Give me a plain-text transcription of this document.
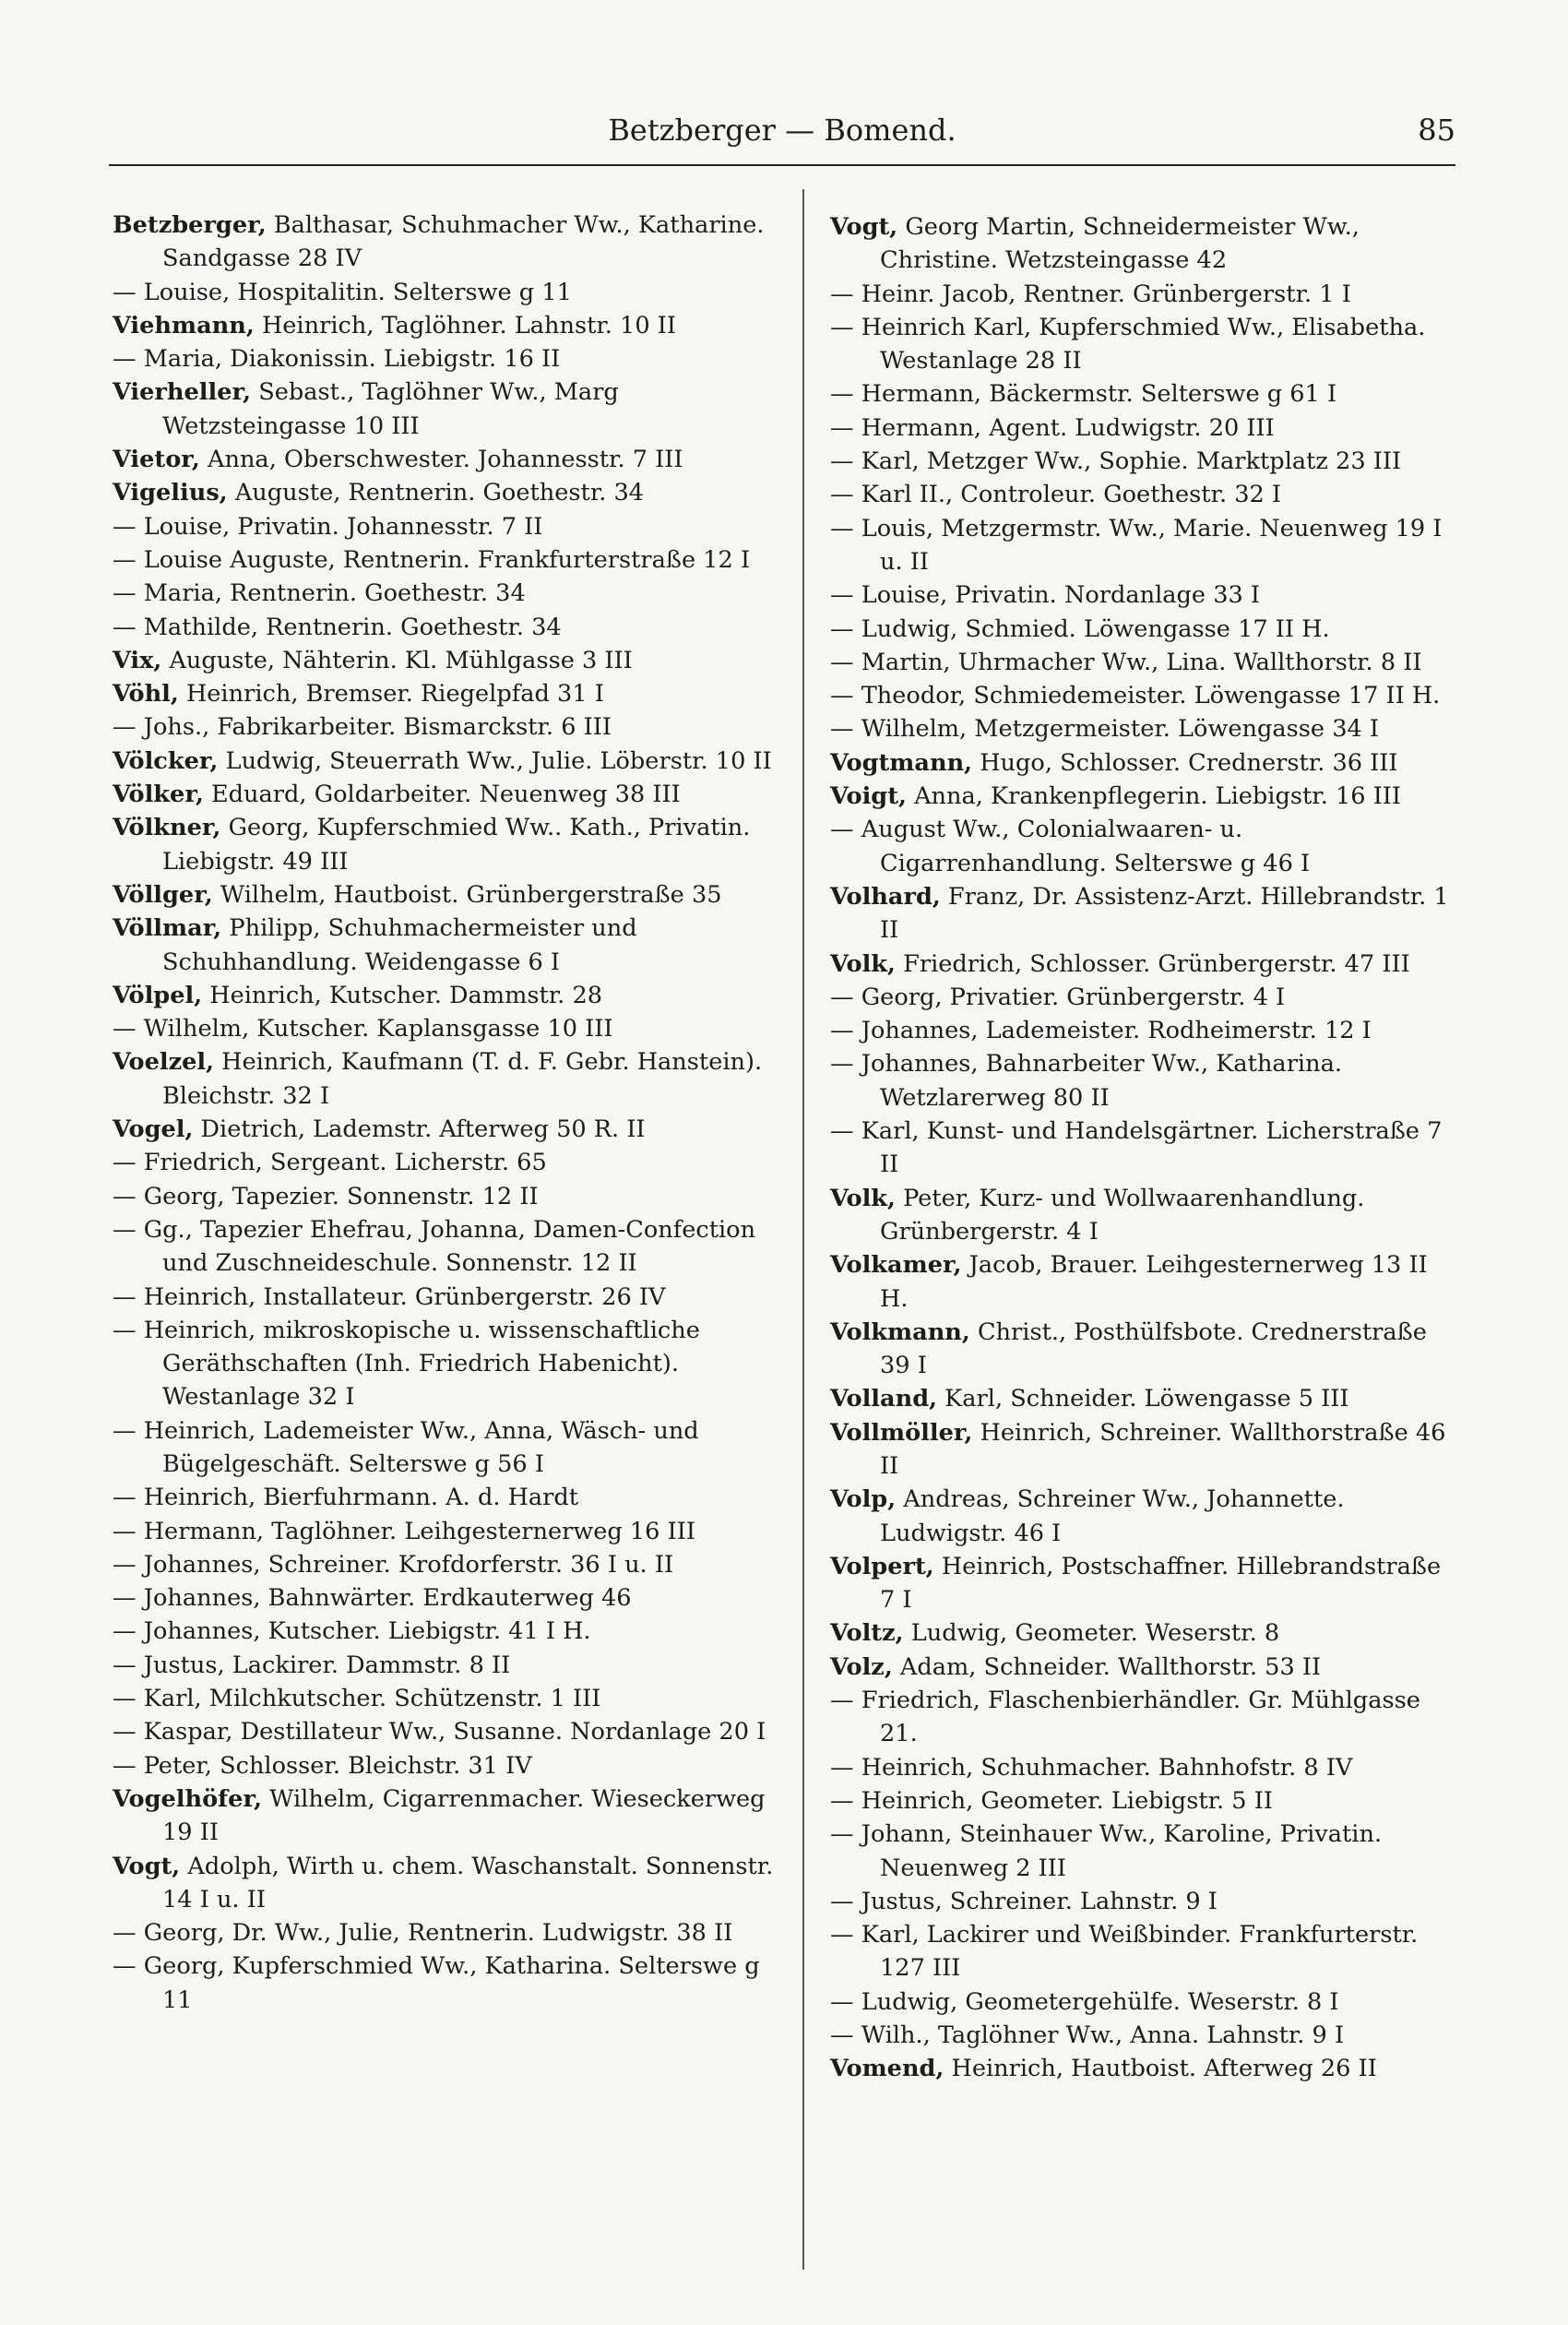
Betzberger — Bomend.	85

Betzberger, Balthasar, Schuhmacher Ww., Katharine. Sandgasse 28 IV

— Louise, Hospitalitin. Selterswe g 11

Viehmann, Heinrich, Taglöhner. Lahnstr. 10 II

— Maria, Diakonissin. Liebigstr. 16 II

Vierheller, Sebast., Taglöhner Ww., Marg Wetzsteingasse 10 III

Vietor, Anna, Oberschwester. Johannesstr. 7 III

Vigelius, Auguste, Rentnerin. Goethestr. 34

— Louise, Privatin. Johannesstr. 7 II

— Louise Auguste, Rentnerin. Frankfurterstraße 12 I

— Maria, Rentnerin. Goethestr. 34

— Mathilde, Rentnerin. Goethestr. 34

Vix, Auguste, Nähterin. Kl. Mühlgasse 3 III

Vöhl, Heinrich, Bremser. Riegelpfad 31 I

— Johs., Fabrikarbeiter. Bismarckstr. 6 III

Völcker, Ludwig, Steuerrath Ww., Julie. Löberstr. 10 II

Völker, Eduard, Goldarbeiter. Neuenweg 38 III

Völkner, Georg, Kupferschmied Ww.. Kath., Privatin. Liebigstr. 49 III

Völlger, Wilhelm, Hautboist. Grünbergerstraße 35

Völlmar, Philipp, Schuhmachermeister und Schuhhandlung. Weidengasse 6 I

Völpel, Heinrich, Kutscher. Dammstr. 28

— Wilhelm, Kutscher. Kaplansgasse 10 III

Voelzel, Heinrich, Kaufmann (T. d. F. Gebr. Hanstein). Bleichstr. 32 I

Vogel, Dietrich, Lademstr. Afterweg 50 R. II

— Friedrich, Sergeant. Licherstr. 65

— Georg, Tapezier. Sonnenstr. 12 II

— Gg., Tapezier Ehefrau, Johanna, Damen-Confection und Zuschneideschule. Sonnenstr. 12 II

— Heinrich, Installateur. Grünbergerstr. 26 IV

— Heinrich, mikroskopische u. wissenschaftliche Geräthschaften (Inh. Friedrich Habenicht). Westanlage 32 I

— Heinrich, Lademeister Ww., Anna, Wäsch- und Bügelgeschäft. Selterswe g 56 I

— Heinrich, Bierfuhrmann. A. d. Hardt

— Hermann, Taglöhner. Leihgesternerweg 16 III

— Johannes, Schreiner. Krofdorferstr. 36 I u. II

— Johannes, Bahnwärter. Erdkauterweg 46

— Johannes, Kutscher. Liebigstr. 41 I H.

— Justus, Lackirer. Dammstr. 8 II

— Karl, Milchkutscher. Schützenstr. 1 III

— Kaspar, Destillateur Ww., Susanne. Nordanlage 20 I

— Peter, Schlosser. Bleichstr. 31 IV

Vogelhöfer, Wilhelm, Cigarrenmacher. Wieseckerweg 19 II

Vogt, Adolph, Wirth u. chem. Waschanstalt. Sonnenstr. 14 I u. II

— Georg, Dr. Ww., Julie, Rentnerin. Ludwigstr. 38 II

— Georg, Kupferschmied Ww., Katharina. Selterswe g 11

Vogt, Georg Martin, Schneidermeister Ww., Christine. Wetzsteingasse 42

— Heinr. Jacob, Rentner. Grünbergerstr. 1 I

— Heinrich Karl, Kupferschmied Ww., Elisabetha. Westanlage 28 II

— Hermann, Bäckermstr. Selterswe g 61 I

— Hermann, Agent. Ludwigstr. 20 III

— Karl, Metzger Ww., Sophie. Marktplatz 23 III

— Karl II., Controleur. Goethestr. 32 I

— Louis, Metzgermstr. Ww., Marie. Neuenweg 19 I u. II

— Louise, Privatin. Nordanlage 33 I

— Ludwig, Schmied. Löwengasse 17 II H.

— Martin, Uhrmacher Ww., Lina. Wallthorstr. 8 II

— Theodor, Schmiedemeister. Löwengasse 17 II H.

— Wilhelm, Metzgermeister. Löwengasse 34 I

Vogtmann, Hugo, Schlosser. Crednerstr. 36 III

Voigt, Anna, Krankenpflegerin. Liebigstr. 16 III

— August Ww., Colonialwaaren- u. Cigarrenhandlung. Selterswe g 46 I

Volhard, Franz, Dr. Assistenz-Arzt. Hillebrandstr. 1 II

Volk, Friedrich, Schlosser. Grünbergerstr. 47 III

— Georg, Privatier. Grünbergerstr. 4 I

— Johannes, Lademeister. Rodheimerstr. 12 I

— Johannes, Bahnarbeiter Ww., Katharina. Wetzlarerweg 80 II

— Karl, Kunst- und Handelsgärtner. Licherstraße 7 II

Volk, Peter, Kurz- und Wollwaarenhandlung. Grünbergerstr. 4 I

Volkamer, Jacob, Brauer. Leihgesternerweg 13 II H.

Volkmann, Christ., Posthülfsbote. Crednerstraße 39 I

Volland, Karl, Schneider. Löwengasse 5 III

Vollmöller, Heinrich, Schreiner. Wallthorstraße 46 II

Volp, Andreas, Schreiner Ww., Johannette. Ludwigstr. 46 I

Volpert, Heinrich, Postschaffner. Hillebrandstraße 7 I

Voltz, Ludwig, Geometer. Weserstr. 8

Volz, Adam, Schneider. Wallthorstr. 53 II

— Friedrich, Flaschenbierhändler. Gr. Mühlgasse 21.

— Heinrich, Schuhmacher. Bahnhofstr. 8 IV

— Heinrich, Geometer. Liebigstr. 5 II

— Johann, Steinhauer Ww., Karoline, Privatin. Neuenweg 2 III

— Justus, Schreiner. Lahnstr. 9 I

— Karl, Lackirer und Weißbinder. Frankfurterstr. 127 III

— Ludwig, Geometergehülfe. Weserstr. 8 I

— Wilh., Taglöhner Ww., Anna. Lahnstr. 9 I

Vomend, Heinrich, Hautboist. Afterweg 26 II
